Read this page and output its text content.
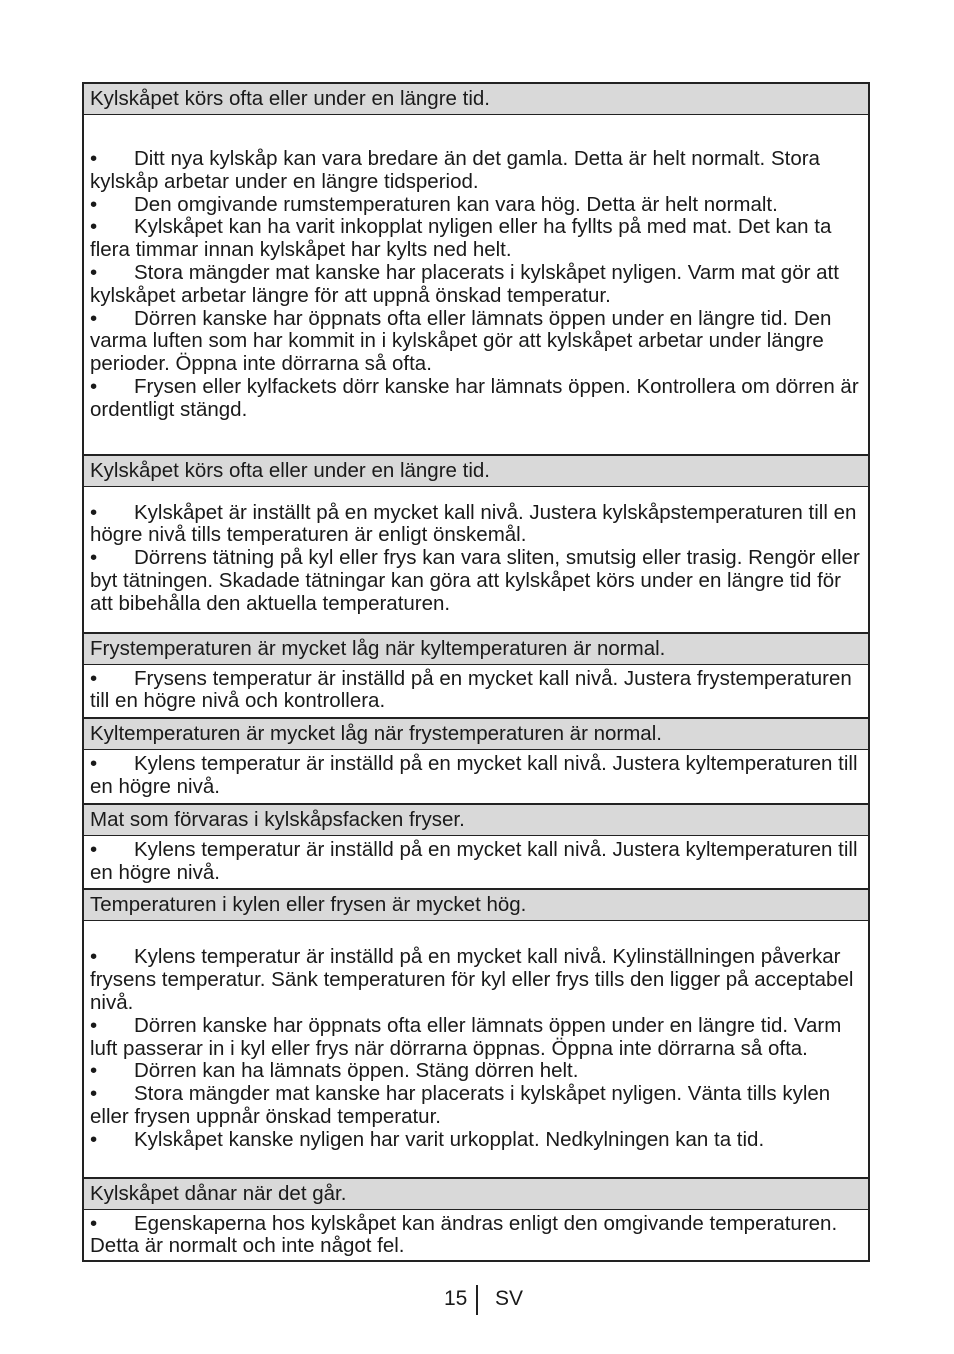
Kylskåpet körs ofta eller under en längre tid.
• Ditt nya kylskåp kan vara bredare än det gamla. Detta är helt normalt. Stora kylskåp arbetar under en längre tidsperiod.
• Den omgivande rumstemperaturen kan vara hög. Detta är helt normalt.
• Kylskåpet kan ha varit inkopplat nyligen eller ha fyllts på med mat. Det kan ta flera timmar innan kylskåpet har kylts ned helt.
• Stora mängder mat kanske har placerats i kylskåpet nyligen. Varm mat gör att kylskåpet arbetar längre för att uppnå önskad temperatur.
• Dörren kanske har öppnats ofta eller lämnats öppen under en längre tid. Den varma luften som har kommit in i kylskåpet gör att kylskåpet arbetar under längre perioder. Öppna inte dörrarna så ofta.
• Frysen eller kylfackets dörr kanske har lämnats öppen. Kontrollera om dörren är ordentligt stängd.
Kylskåpet körs ofta eller under en längre tid.
• Kylskåpet är inställt på en mycket kall nivå. Justera kylskåpstemperaturen till en högre nivå tills temperaturen är enligt önskemål.
• Dörrens tätning på kyl eller frys kan vara sliten, smutsig eller trasig. Rengör eller byt tätningen. Skadade tätningar kan göra att kylskåpet körs under en längre tid för att bibehålla den aktuella temperaturen.
Frystemperaturen är mycket låg när kyltemperaturen är normal.
• Frysens temperatur är inställd på en mycket kall nivå. Justera frystemperaturen till en högre nivå och kontrollera.
Kyltemperaturen är mycket låg när frystemperaturen är normal.
• Kylens temperatur är inställd på en mycket kall nivå. Justera kyltemperaturen till en högre nivå.
Mat som förvaras i kylskåpsfacken fryser.
• Kylens temperatur är inställd på en mycket kall nivå. Justera kyltemperaturen till en högre nivå.
Temperaturen i kylen eller frysen är mycket hög.
• Kylens temperatur är inställd på en mycket kall nivå. Kylinställningen påverkar frysens temperatur. Sänk temperaturen för kyl eller frys tills den ligger på acceptabel nivå.
• Dörren kanske har öppnats ofta eller lämnats öppen under en längre tid. Varm luft passerar in i kyl eller frys när dörrarna öppnas. Öppna inte dörrarna så ofta.
• Dörren kan ha lämnats öppen. Stäng dörren helt.
• Stora mängder mat kanske har placerats i kylskåpet nyligen. Vänta tills kylen eller frysen uppnår önskad temperatur.
• Kylskåpet kanske nyligen har varit urkopplat. Nedkylningen kan ta tid.
Kylskåpet dånar när det går.
• Egenskaperna hos kylskåpet kan ändras enligt den omgivande temperaturen. Detta är normalt och inte något fel.
15 SV
